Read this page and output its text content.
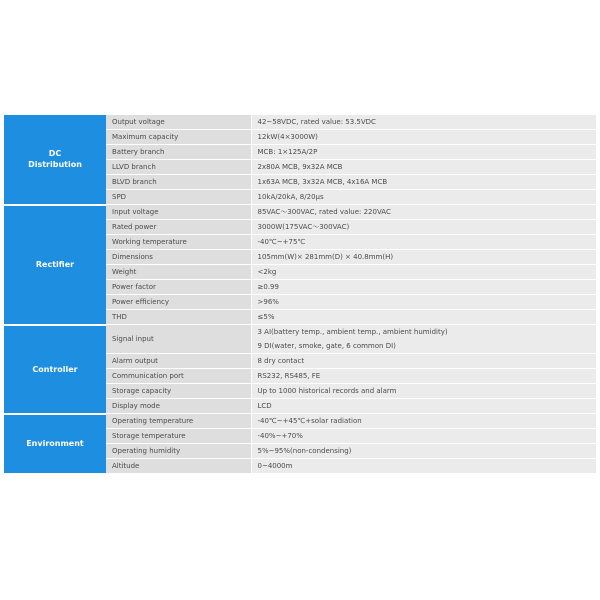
DC
Distribution	Output voltage	42~58VDC, rated value: 53.5VDC

	Maximum capacity	12kW(4×3000W)

	Battery branch	MCB: 1×125A/2P

	LLVD branch	2x80A MCB, 9x32A MCB

	BLVD branch	1x63A MCB, 3x32A MCB, 4x16A MCB

	SPD	10kA/20kA, 8/20μs

Rectifier	Input voltage	85VAC～300VAC, rated value: 220VAC

	Rated power	3000W(175VAC～300VAC)

	Working temperature	-40℃~+75℃

	Dimensions	105mm(W)× 281mm(D) × 40.8mm(H)

	Weight	<2kg

	Power factor	≥0.99

	Power efficiency	>96%

	THD	≤5%

Controller	Signal input	3 AI(battery temp., ambient temp., ambient humidity)
9 DI(water, smoke, gate, 6 common DI)

	Alarm output	8 dry contact

	Communication port	RS232, RS485, FE

	Storage capacity	Up to 1000 historical records and alarm

	Display mode	LCD

Environment	Operating temperature	-40℃~+45℃+solar radiation

	Storage temperature	-40%~+70%

	Operating humidity	5%~95%(non-condensing)

	Altitude	0~4000m
